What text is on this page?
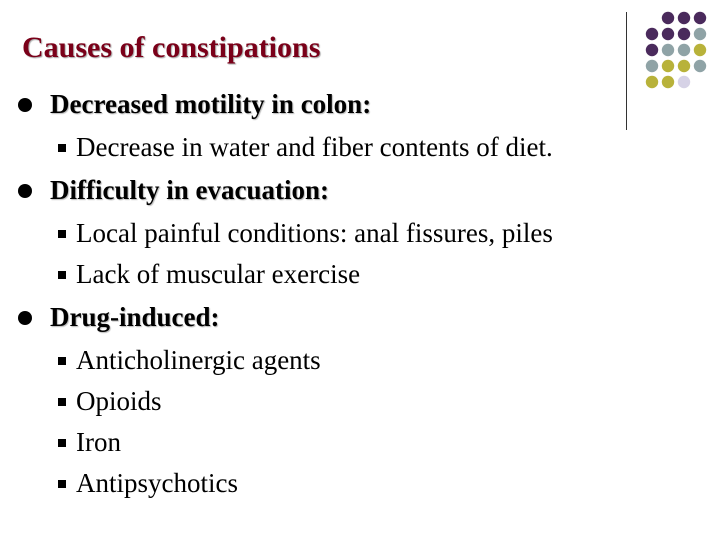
Causes of constipations
Decreased motility in colon:
Decrease in water and fiber contents of diet.
Difficulty in evacuation:
Local painful conditions: anal fissures, piles
Lack of muscular exercise
Drug-induced:
Anticholinergic agents
Opioids
Iron
Antipsychotics
